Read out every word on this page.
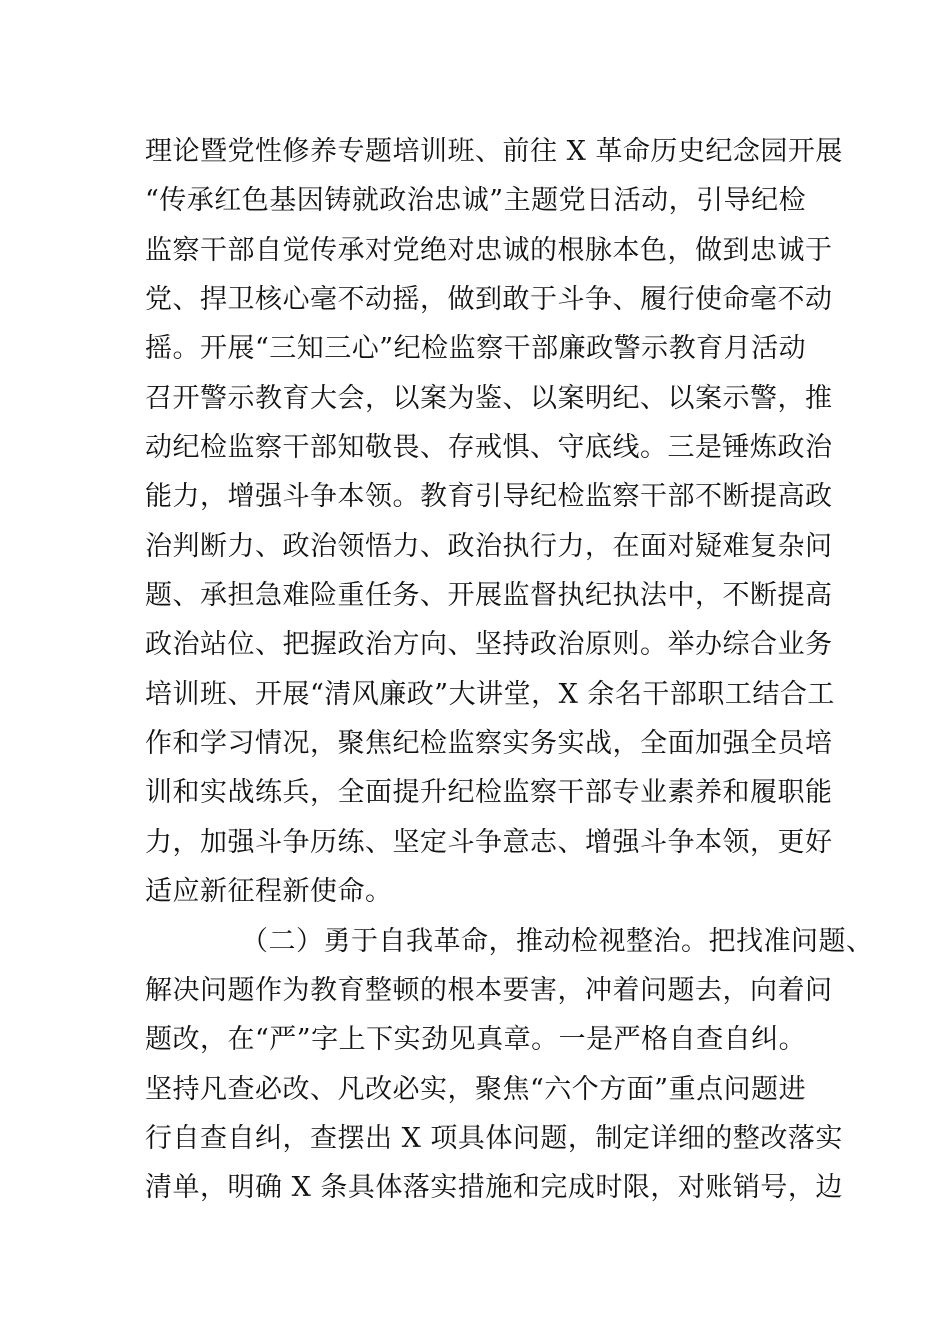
理论暨党性修养专题培训班、前往 X 革命历史纪念园开展
“传承红色基因铸就政治忠诚”主题党日活动，引导纪检
监察干部自觉传承对党绝对忠诚的根脉本色，做到忠诚于
党、捍卫核心毫不动摇，做到敢于斗争、履行使命毫不动
摇。开展“三知三心”纪检监察干部廉政警示教育月活动
召开警示教育大会，以案为鉴、以案明纪、以案示警，推
动纪检监察干部知敬畏、存戒惧、守底线。三是锤炼政治
能力，增强斗争本领。教育引导纪检监察干部不断提高政
治判断力、政治领悟力、政治执行力，在面对疑难复杂问
题、承担急难险重任务、开展监督执纪执法中，不断提高
政治站位、把握政治方向、坚持政治原则。举办综合业务
培训班、开展“清风廉政”大讲堂，X 余名干部职工结合工
作和学习情况，聚焦纪检监察实务实战，全面加强全员培
训和实战练兵，全面提升纪检监察干部专业素养和履职能
力，加强斗争历练、坚定斗争意志、增强斗争本领，更好
适应新征程新使命。
（二）勇于自我革命，推动检视整治。把找准问题、
解决问题作为教育整顿的根本要害，冲着问题去，向着问
题改，在“严”字上下实劲见真章。一是严格自查自纠。
坚持凡查必改、凡改必实，聚焦“六个方面”重点问题进
行自查自纠，查摆出 X 项具体问题，制定详细的整改落实
清单，明确 X 条具体落实措施和完成时限，对账销号，边
